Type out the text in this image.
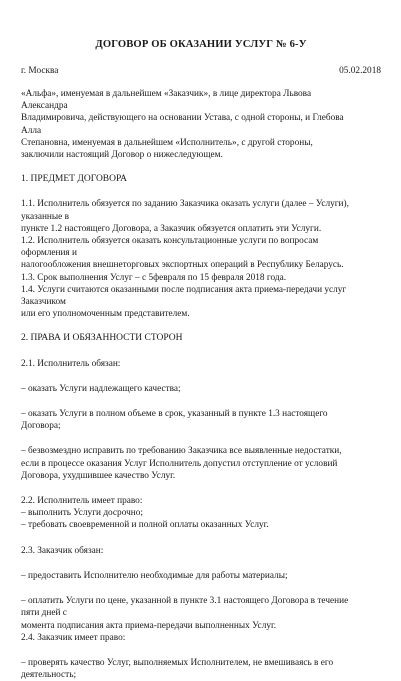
ДОГОВОР ОБ ОКАЗАНИИ УСЛУГ № 6-У
г. Москва	05.02.2018

«Альфа», именуемая в дальнейшем «Заказчик», в лице директора Львова
Александра
Владимировича, действующего на основании Устава, с одной стороны, и Глебова
Алла
Степановна, именуемая в дальнейшем «Исполнитель», с другой стороны,
заключили настоящий Договор о нижеследующем.

1. ПРЕДМЕТ ДОГОВОРА

1.1. Исполнитель обязуется по заданию Заказчика оказать услуги (далее – Услуги),
указанные в
пункте 1.2 настоящего Договора, а Заказчик обязуется оплатить эти Услуги.
1.2. Исполнитель обязуется оказать консультационные услуги по вопросам
оформления и
налогообложения внешнеторговых экспортных операций в Республику Беларусь.
1.3. Срок выполнения Услуг – с 5февраля по 15 февраля 2018 года.
1.4. Услуги считаются оказанными после подписания акта приема-передачи услуг
Заказчиком
или его уполномоченным представителем.

2. ПРАВА И ОБЯЗАННОСТИ СТОРОН

2.1. Исполнитель обязан:

– оказать Услуги надлежащего качества;

– оказать Услуги в полном объеме в срок, указанный в пункте 1.3 настоящего
Договора;

– безвозмездно исправить по требованию Заказчика все выявленные недостатки,
если в процессе оказания Услуг Исполнитель допустил отступление от условий
Договора, ухудшившее качество Услуг.

2.2. Исполнитель имеет право:
– выполнить Услуги досрочно;
– требовать своевременной и полной оплаты оказанных Услуг.

2.3. Заказчик обязан:

– предоставить Исполнителю необходимые для работы материалы;

– оплатить Услуги по цене, указанной в пункте 3.1 настоящего Договора в течение
пяти дней с
момента подписания акта приема-передачи выполненных Услуг.
2.4. Заказчик имеет право:

– проверять качество Услуг, выполняемых Исполнителем, не вмешиваясь в его
деятельность;
